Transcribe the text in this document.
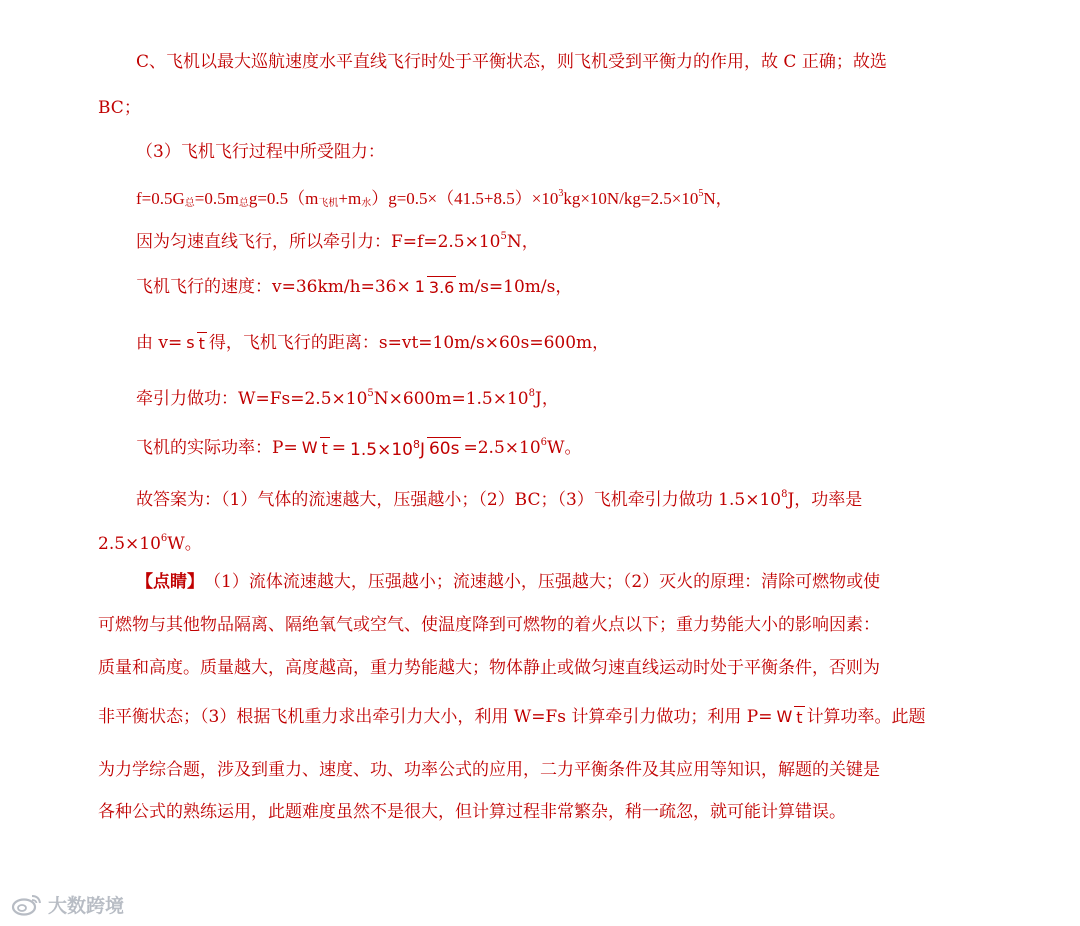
C、飞机以最大巡航速度水平直线飞行时处于平衡状态，则飞机受到平衡力的作用，故 C 正确；故选
BC；
（3）飞机飞行过程中所受阻力：
$f=0.5G_总=0.5m_总g=0.5(m_{飞机}+m_水)g=0.5\times(41.5+8.5)\times 10^3kg\times 10N/kg=2.5\times 10^5N$，
因为匀速直线飞行，所以牵引力：$F=f=2.5\times 10^5N$，
飞机飞行的速度：v=36km/h=36× 1 3.6 m/s=10m/s，
由 v= s t 得，飞机飞行的距离：s=vt=10m/s×60s=600m，
牵引力做功：$W=Fs=2.5\times 10^5N\times 600m=1.5\times 10^8J$，
飞机的实际功率：P= W $t = 1.5\times 10^8J$ $60s =2.5\times 10^6W$。
故答案为：（1）气体的流速越大，压强越小；（2）BC；（3）飞机牵引力做功 $1.5\times 10^8J$，功率是
$2.5\times 10^6W$。
【点睛】（1）流体流速越大，压强越小；流速越小，压强越大；（2）灭火的原理：清除可燃物或使
可燃物与其他物品隔离、隔绝氧气或空气、使温度降到可燃物的着火点以下；重力势能大小的影响因素：
质量和高度。质量越大，高度越高，重力势能越大；物体静止或做匀速直线运动时处于平衡条件，否则为
非平衡状态；（3）根据飞机重力求出牵引力大小，利用 W=Fs 计算牵引力做功；利用 P= W t 计算功率。此题
为力学综合题，涉及到重力、速度、功、功率公式的应用，二力平衡条件及其应用等知识，解题的关键是
各种公式的熟练运用，此题难度虽然不是很大，但计算过程非常繁杂，稍一疏忽，就可能计算错误。
大数跨境
